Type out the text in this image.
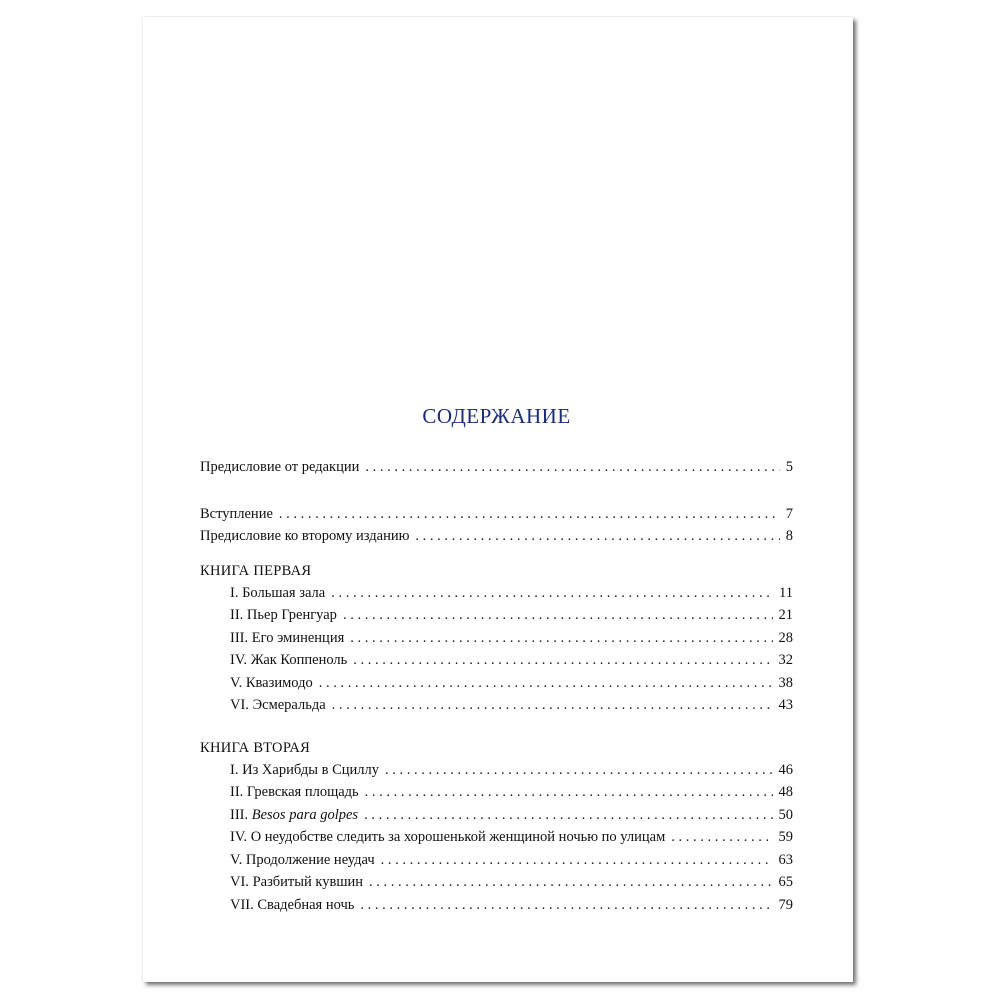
СОДЕРЖАНИЕ
Предисловие от редакции . . .	5
Вступление . . .	7
Предисловие ко второму изданию . . .	8
КНИГА ПЕРВАЯ
I. Большая зала . . .	11
II. Пьер Гренгуар . . .	21
III. Его эминенция . . .	28
IV. Жак Коппеноль . . .	32
V. Квазимодо . . .	38
VI. Эсмеральда . . .	43
КНИГА ВТОРАЯ
I. Из Харибды в Сциллу . . .	46
II. Гревская площадь . . .	48
III. Besos para golpes . . .	50
IV. О неудобстве следить за хорошенькой женщиной ночью по улицам . . .	59
V. Продолжение неудач . . .	63
VI. Разбитый кувшин . . .	65
VII. Свадебная ночь . . .	79
